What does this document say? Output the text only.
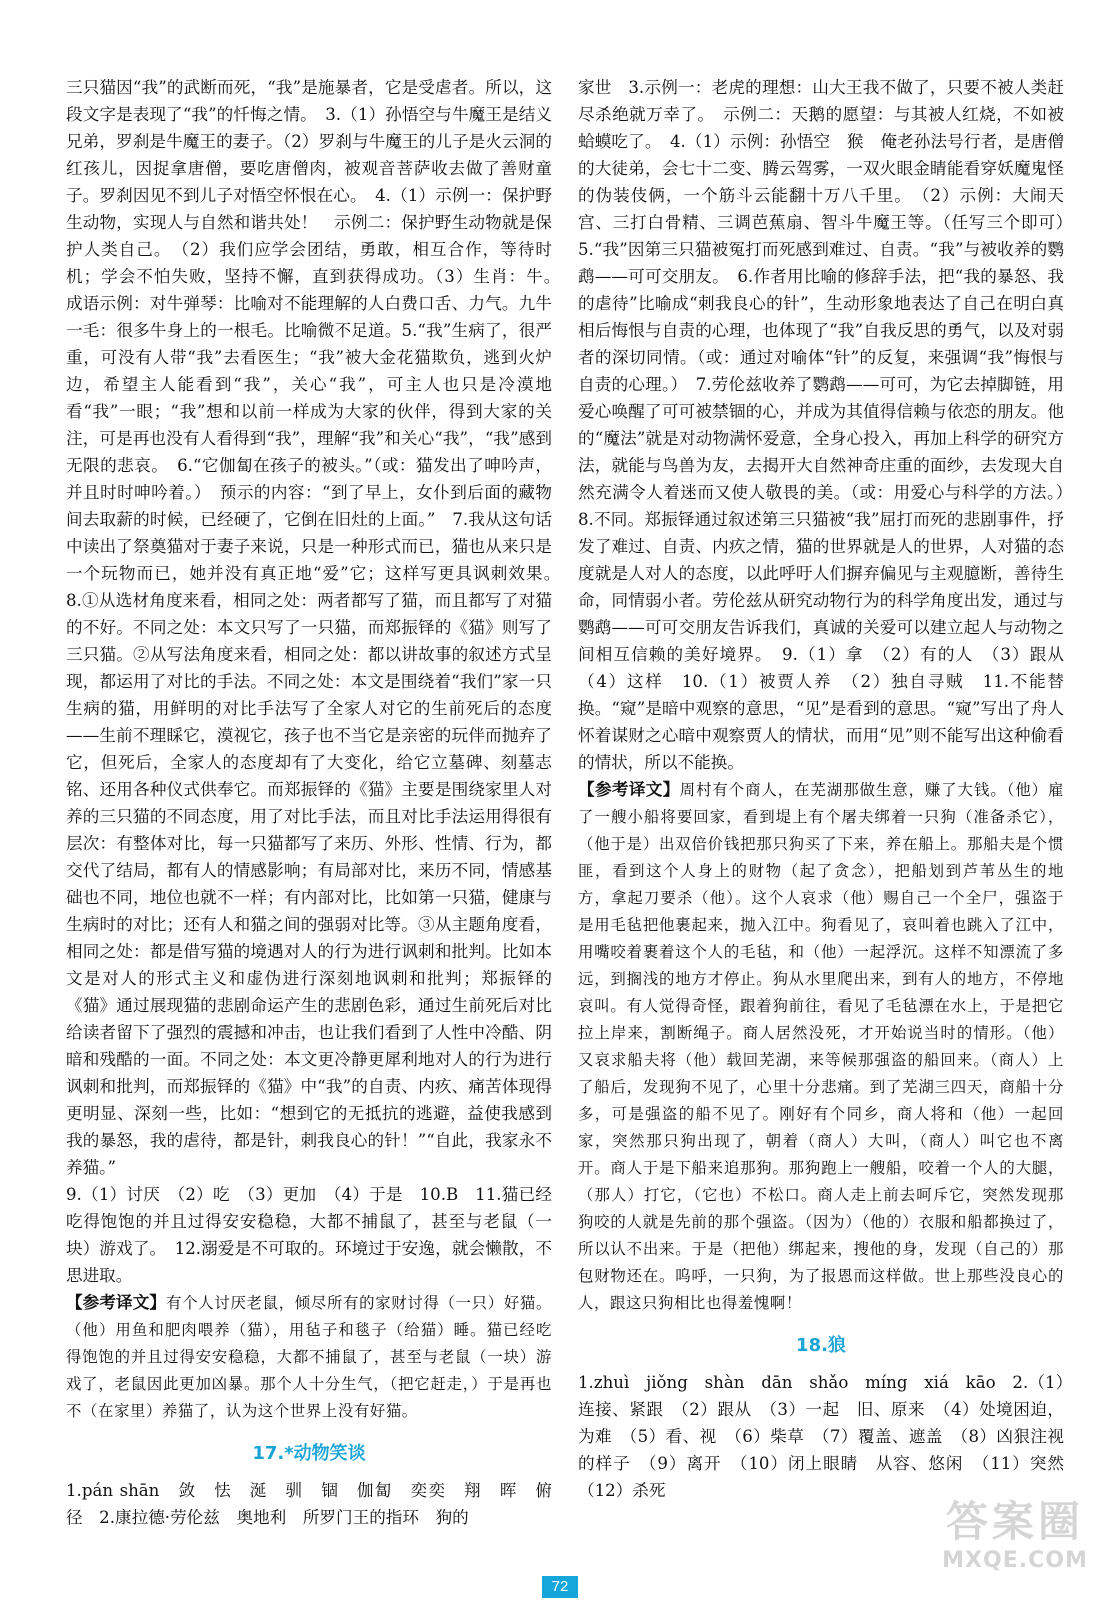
三只猫因“我”的武断而死，“我”是施暴者，它是受虐者。所以，这段文字是表现了“我”的忏悔之情。　3.（1）孙悟空与牛魔王是结义兄弟，罗刹是牛魔王的妻子。（2）罗刹与牛魔王的儿子是火云洞的红孩儿，因捉拿唐僧，要吃唐僧肉，被观音菩萨收去做了善财童子。罗刹因见不到儿子对悟空怀恨在心。　4.（1）示例一：保护野生动物，实现人与自然和谐共处！　示例二：保护野生动物就是保护人类自己。　（2）我们应学会团结，勇敢，相互合作，等待时机；学会不怕失败，坚持不懈，直到获得成功。（3）生肖：牛。　成语示例：对牛弹琴：比喻对不能理解的人白费口舌、力气。九牛一毛：很多牛身上的一根毛。比喻微不足道。5.“我”生病了，很严重，可没有人带“我”去看医生；“我”被大金花猫欺负，逃到火炉边，希望主人能看到“我”，关心“我”，可主人也只是冷漠地看“我”一眼；“我”想和以前一样成为大家的伙伴，得到大家的关注，可是再也没有人看得到“我”，理解“我”和关心“我”，“我”感到无限的悲哀。　6.“它伽匐在孩子的被头。”（或：猫发出了呻吟声，并且时时呻吟着。）　预示的内容：“到了早上，女仆到后面的藏物间去取薪的时候，已经硬了，它倒在旧灶的上面。”　7.我从这句话中读出了祭奠猫对于妻子来说，只是一种形式而已，猫也从来只是一个玩物而已，她并没有真正地“爱”它；这样写更具讽刺效果。　8.①从选材角度来看，相同之处：两者都写了猫，而且都写了对猫的不好。不同之处：本文只写了一只猫，而郑振铎的《猫》则写了三只猫。②从写法角度来看，相同之处：都以讲故事的叙述方式呈现，都运用了对比的手法。不同之处：本文是围绕着“我们”家一只生病的猫，用鲜明的对比手法写了全家人对它的生前死后的态度——生前不理睬它，漠视它，孩子也不当它是亲密的玩伴而抛弃了它，但死后，全家人的态度却有了大变化，给它立墓碑、刻墓志铭、还用各种仪式供奉它。而郑振铎的《猫》主要是围绕家里人对养的三只猫的不同态度，用了对比手法，而且对比手法运用得很有层次：有整体对比，每一只猫都写了来历、外形、性情、行为，都交代了结局，都有人的情感影响；有局部对比，来历不同，情感基础也不同，地位也就不一样；有内部对比，比如第一只猫，健康与生病时的对比；还有人和猫之间的强弱对比等。③从主题角度看，相同之处：都是借写猫的境遇对人的行为进行讽刺和批判。比如本文是对人的形式主义和虚伪进行深刻地讽刺和批判；郑振铎的《猫》通过展现猫的悲剧命运产生的悲剧色彩，通过生前死后对比给读者留下了强烈的震撼和冲击，也让我们看到了人性中冷酷、阴暗和残酷的一面。不同之处：本文更冷静更犀利地对人的行为进行讽刺和批判，而郑振铎的《猫》中“我”的自责、内疚、痛苦体现得更明显、深刻一些，比如：“想到它的无抵抗的逃避，益使我感到我的暴怒，我的虐待，都是针，刺我良心的针！”“自此，我家永不养猫。”

9.（1）讨厌　（2）吃　（3）更加　（4）于是　10.B　11.猫已经吃得饱饱的并且过得安安稳稳，大都不捕鼠了，甚至与老鼠（一块）游戏了。　12.溺爱是不可取的。环境过于安逸，就会懒散，不思进取。

【参考译文】有个人讨厌老鼠，倾尽所有的家财讨得（一只）好猫。（他）用鱼和肥肉喂养（猫），用毡子和毯子（给猫）睡。猫已经吃得饱饱的并且过得安安稳稳，大都不捕鼠了，甚至与老鼠（一块）游戏了，老鼠因此更加凶暴。那个人十分生气，（把它赶走，）于是再也不（在家里）养猫了，认为这个世界上没有好猫。

17.*动物笑谈

1.pán shān　敛　怯　涎　驯　锢　伽匐　奕奕　翔　晖　俯　径　2.康拉德·劳伦兹　奥地利　所罗门王的指环　狗的

家世　3.示例一：老虎的理想：山大王我不做了，只要不被人类赶尽杀绝就万幸了。　示例二：天鹅的愿望：与其被人红烧，不如被蛤蟆吃了。　4.（1）示例：孙悟空　猴　俺老孙法号行者，是唐僧的大徒弟，会七十二变、腾云驾雾，一双火眼金睛能看穿妖魔鬼怪的伪装伎俩，一个筋斗云能翻十万八千里。　（2）示例：大闹天宫、三打白骨精、三调芭蕉扇、智斗牛魔王等。（任写三个即可）　5.“我”因第三只猫被冤打而死感到难过、自责。“我”与被收养的鹦鹉——可可交朋友。　6.作者用比喻的修辞手法，把“我的暴怒、我的虐待”比喻成“刺我良心的针”，生动形象地表达了自己在明白真相后悔恨与自责的心理，也体现了“我”自我反思的勇气，以及对弱者的深切同情。（或：通过对喻体“针”的反复，来强调“我”悔恨与自责的心理。）　7.劳伦兹收养了鹦鹉——可可，为它去掉脚链，用爱心唤醒了可可被禁锢的心，并成为其值得信赖与依恋的朋友。他的“魔法”就是对动物满怀爱意，全身心投入，再加上科学的研究方法，就能与鸟兽为友，去揭开大自然神奇庄重的面纱，去发现大自然充满令人着迷而又使人敬畏的美。（或：用爱心与科学的方法。）　8.不同。郑振铎通过叙述第三只猫被“我”屈打而死的悲剧事件，抒发了难过、自责、内疚之情，猫的世界就是人的世界，人对猫的态度就是人对人的态度，以此呼吁人们摒弃偏见与主观臆断，善待生命，同情弱小者。劳伦兹从研究动物行为的科学角度出发，通过与鹦鹉——可可交朋友告诉我们，真诚的关爱可以建立起人与动物之间相互信赖的美好境界。　9.（1）拿　（2）有的人　（3）跟从　（4）这样　10.（1）被贾人养　（2）独自寻贼　11.不能替换。“窥”是暗中观察的意思，“见”是看到的意思。“窥”写出了舟人怀着谋财之心暗中观察贾人的情状，而用“见”则不能写出这种偷看的情状，所以不能换。

【参考译文】周村有个商人，在芜湖那做生意，赚了大钱。（他）雇了一艘小船将要回家，看到堤上有个屠夫绑着一只狗（准备杀它），（他于是）出双倍价钱把那只狗买了下来，养在船上。那船夫是个惯匪，看到这个人身上的财物（起了贪念），把船划到芦苇丛生的地方，拿起刀要杀（他）。这个人哀求（他）赐自己一个全尸，强盗于是用毛毡把他裹起来，抛入江中。狗看见了，哀叫着也跳入了江中，用嘴咬着裹着这个人的毛毡，和（他）一起浮沉。这样不知漂流了多远，到搁浅的地方才停止。狗从水里爬出来，到有人的地方，不停地哀叫。有人觉得奇怪，跟着狗前往，看见了毛毡漂在水上，于是把它拉上岸来，割断绳子。商人居然没死，才开始说当时的情形。（他）又哀求船夫将（他）载回芜湖，来等候那强盗的船回来。（商人）上了船后，发现狗不见了，心里十分悲痛。到了芜湖三四天，商船十分多，可是强盗的船不见了。刚好有个同乡，商人将和（他）一起回家，突然那只狗出现了，朝着（商人）大叫，（商人）叫它也不离开。商人于是下船来追那狗。那狗跑上一艘船，咬着一个人的大腿，（那人）打它，（它也）不松口。商人走上前去呵斥它，突然发现那狗咬的人就是先前的那个强盗。（因为）（他的）衣服和船都换过了，所以认不出来。于是（把他）绑起来，搜他的身，发现（自己的）那包财物还在。呜呼，一只狗，为了报恩而这样做。世上那些没良心的人，跟这只狗相比也得羞愧啊！

18.狼

1.zhuì　jiǒng　shàn　dān　shǎo　míng　xiá　kāo　2.（1）连接、紧跟　（2）跟从　（3）一起　旧、原来　（4）处境困迫，为难　（5）看、视　（6）柴草　（7）覆盖、遮盖　（8）凶狠注视的样子　（9）离开　（10）闭上眼睛　从容、悠闲　（11）突然　（12）杀死

72
答案圈
MXQE.COM
